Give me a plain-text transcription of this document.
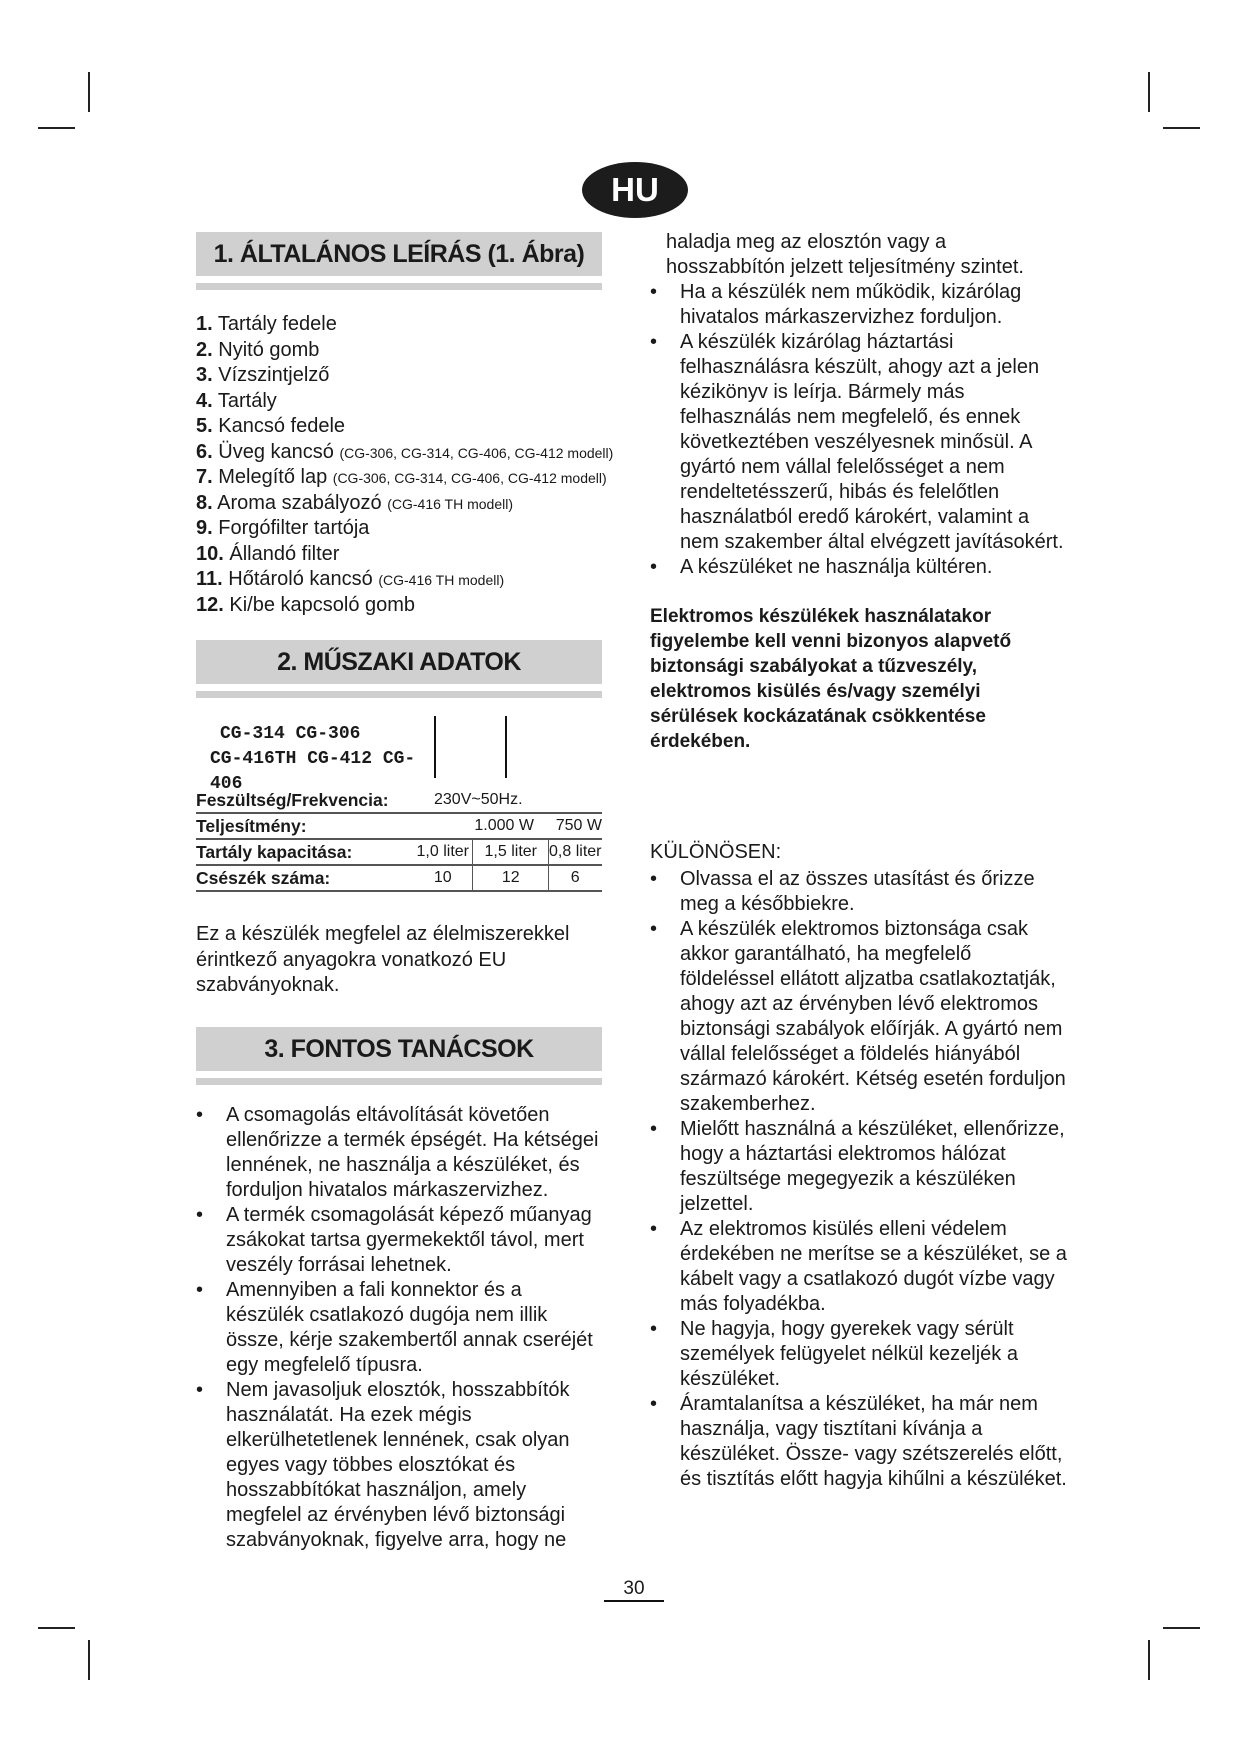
HU
1. ÁLTALÁNOS LEÍRÁS (1. Ábra)
1. Tartály fedele
2. Nyitó gomb
3. Vízszintjelző
4. Tartály
5. Kancsó fedele
6. Üveg kancsó (CG-306, CG-314, CG-406, CG-412 modell)
7. Melegítő lap (CG-306, CG-314, CG-406, CG-412 modell)
8. Aroma szabályozó (CG-416 TH modell)
9. Forgófilter tartója
10. Állandó filter
11. Hőtároló kancsó (CG-416 TH modell)
12. Ki/be kapcsoló gomb
2. MŰSZAKI ADATOK
CG-314 CG-306
CG-416TH CG-412 CG-406
Feszültség/Frekvencia:	230V~50Hz.			
Teljesítmény:	1.000 W			750 W
Tartály kapacitása:	1,0 liter		1,5 liter	0,8 liter
Csészék száma:	10		12	6

Ez a készülék megfelel az élelmiszerekkel érintkező anyagokra vonatkozó EU szabványoknak.

3. FONTOS TANÁCSOK
• A csomagolás eltávolítását követően ellenőrizze a termék épségét. Ha kétségei lennének, ne használja a készüléket, és forduljon hivatalos márkaszervizhez.
• A termék csomagolását képező műanyag zsákokat tartsa gyermekektől távol, mert veszély forrásai lehetnek.
• Amennyiben a fali konnektor és a készülék csatlakozó dugója nem illik össze, kérje szakembertől annak cseréjét egy megfelelő típusra.
• Nem javasoljuk elosztók, hosszabbítók használatát. Ha ezek mégis elkerülhetetlenek lennének, csak olyan egyes vagy többes elosztókat és hosszabbítókat használjon, amely megfelel az érvényben lévő biztonsági szabványoknak, figyelve arra, hogy ne

haladja meg az elosztón vagy a hosszabbítón jelzett teljesítmény szintet.

• Ha a készülék nem működik, kizárólag hivatalos márkaszervizhez forduljon.
• A készülék kizárólag háztartási felhasználásra készült, ahogy azt a jelen kézikönyv is leírja. Bármely más felhasználás nem megfelelő, és ennek következtében veszélyesnek minősül. A gyártó nem vállal felelősséget a nem rendeltetésszerű, hibás és felelőtlen használatból eredő károkért, valamint a nem szakember által elvégzett javításokért.
• A készüléket ne használja kültéren.

Elektromos készülékek használatakor figyelembe kell venni bizonyos alapvető biztonsági szabályokat a tűzveszély, elektromos kisülés és/vagy személyi sérülések kockázatának csökkentése érdekében.

KÜLÖNÖSEN:

• Olvassa el az összes utasítást és őrizze meg a későbbiekre.
• A készülék elektromos biztonsága csak akkor garantálható, ha megfelelő földeléssel ellátott aljzatba csatlakoztatják, ahogy azt az érvényben lévő elektromos biztonsági szabályok előírják. A gyártó nem vállal felelősséget a földelés hiányából származó károkért. Kétség esetén forduljon szakemberhez.
• Mielőtt használná a készüléket, ellenőrizze, hogy a háztartási elektromos hálózat feszültsége megegyezik a készüléken jelzettel.
• Az elektromos kisülés elleni védelem érdekében ne merítse se a készüléket, se a kábelt vagy a csatlakozó dugót vízbe vagy más folyadékba.
• Ne hagyja, hogy gyerekek vagy sérült személyek felügyelet nélkül kezeljék a készüléket.
• Áramtalanítsa a készüléket, ha már nem használja, vagy tisztítani kívánja a készüléket. Össze- vagy szétszerelés előtt, és tisztítás előtt hagyja kihűlni a készüléket.
30
